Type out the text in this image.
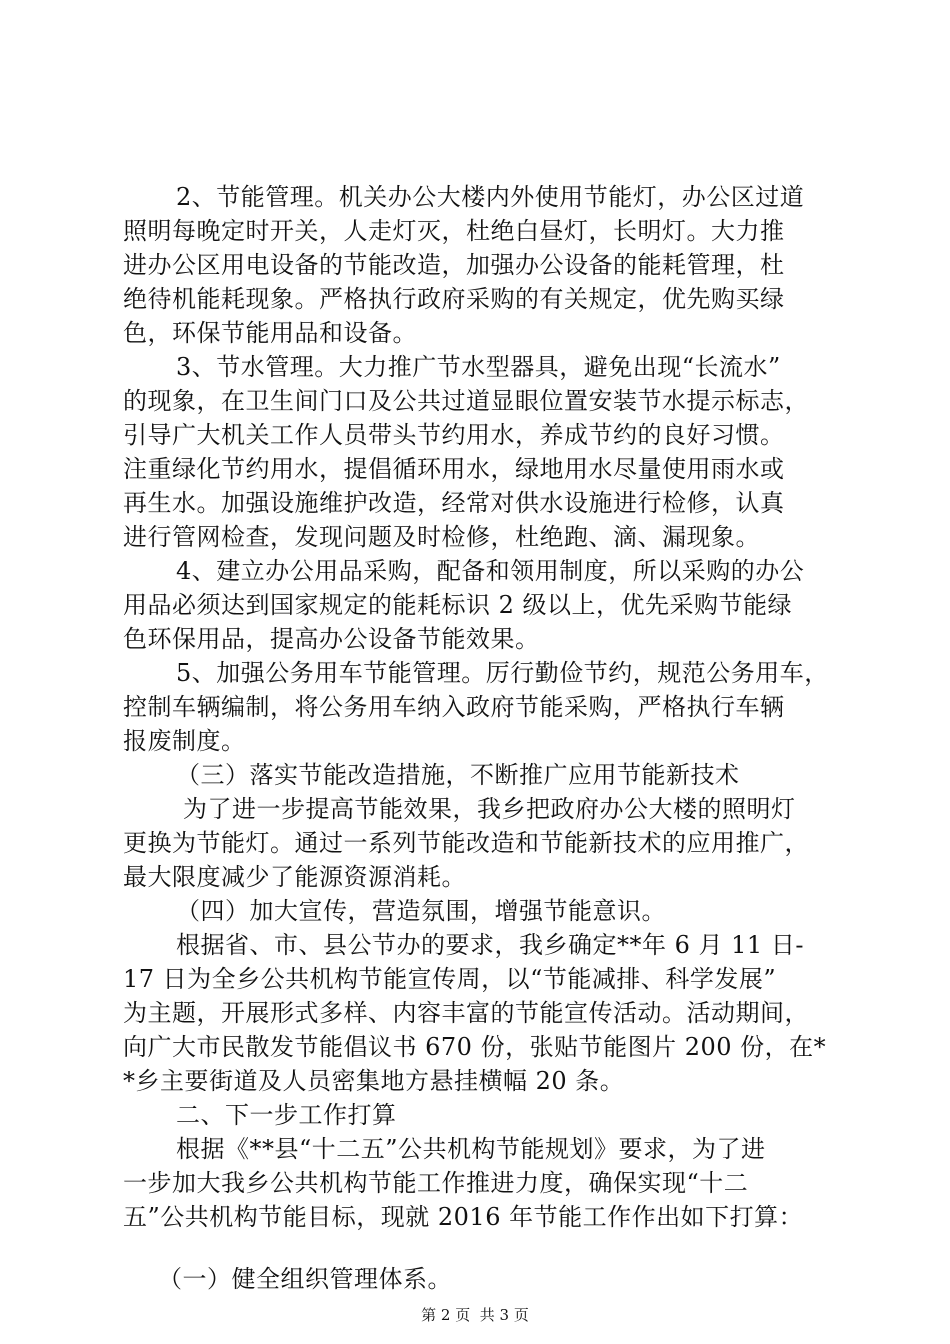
2、节能管理。机关办公大楼内外使用节能灯，办公区过道
照明每晚定时开关，人走灯灭，杜绝白昼灯，长明灯。大力推
进办公区用电设备的节能改造，加强办公设备的能耗管理，杜
绝待机能耗现象。严格执行政府采购的有关规定，优先购买绿
色，环保节能用品和设备。
3、节水管理。大力推广节水型器具，避免出现“长流水”
的现象，在卫生间门口及公共过道显眼位置安装节水提示标志，
引导广大机关工作人员带头节约用水，养成节约的良好习惯。
注重绿化节约用水，提倡循环用水，绿地用水尽量使用雨水或
再生水。加强设施维护改造，经常对供水设施进行检修，认真
进行管网检查，发现问题及时检修，杜绝跑、滴、漏现象。
4、建立办公用品采购，配备和领用制度，所以采购的办公
用品必须达到国家规定的能耗标识 2 级以上，优先采购节能绿
色环保用品，提高办公设备节能效果。
5、加强公务用车节能管理。厉行勤俭节约，规范公务用车，
控制车辆编制，将公务用车纳入政府节能采购，严格执行车辆
报废制度。
（三）落实节能改造措施，不断推广应用节能新技术
为了进一步提高节能效果，我乡把政府办公大楼的照明灯
更换为节能灯。通过一系列节能改造和节能新技术的应用推广，
最大限度减少了能源资源消耗。
（四）加大宣传，营造氛围，增强节能意识。
根据省、市、县公节办的要求，我乡确定**年 6 月 11 日-
17 日为全乡公共机构节能宣传周，以“节能减排、科学发展”
为主题，开展形式多样、内容丰富的节能宣传活动。活动期间，
向广大市民散发节能倡议书 670 份，张贴节能图片 200 份，在*
*乡主要街道及人员密集地方悬挂横幅 20 条。
二、下一步工作打算
根据《**县“十二五”公共机构节能规划》要求，为了进
一步加大我乡公共机构节能工作推进力度，确保实现“十二
五”公共机构节能目标，现就 2016 年节能工作作出如下打算：
（一）健全组织管理体系。
第 2 页  共 3 页
